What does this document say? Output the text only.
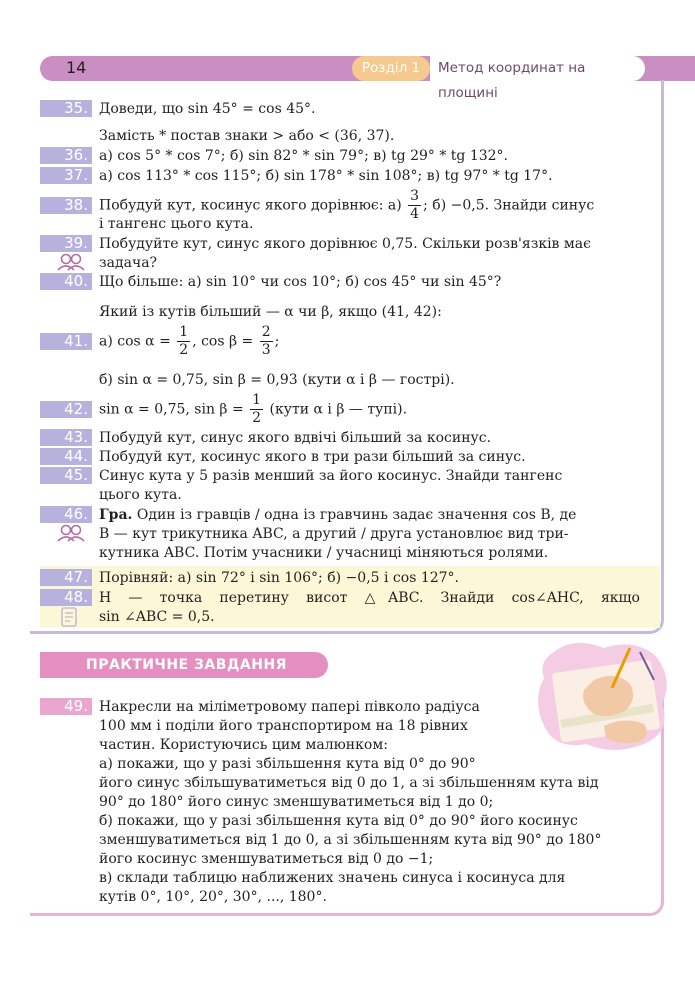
14	Розділ 1	Метод координат на площині
35. Доведи, що sin 45° = cos 45°.
Замість * постав знаки > або < (36, 37).
36. а) cos 5° * cos 7°; б) sin 82° * sin 79°; в) tg 29° * tg 132°.
37. а) cos 113° * cos 115°; б) sin 178° * sin 108°; в) tg 97° * tg 17°.
38. Побудуй кут, косинус якого дорівнює: $а) \frac{3}{4}$ ; б) −0,5. Знайди синус
і тангенс цього кута.
39. Побудуйте кут, синус якого дорівнює 0,75. Скільки розв'язків має
задача?
40. Що більше: а) sin 10° чи cos 10°; б) cos 45° чи sin 45°?
Який із кутів більший — α чи β, якщо (41, 42):
41. а) $\cos \alpha = \frac{1}{2}$ , $\cos \beta = \frac{2}{3}$ ;
б) sin α = 0,75, sin β = 0,93 (кути α і β — гострі).
42. sin α = 0,75, $\sin \beta = \frac{1}{2}$ (кути α і β — тупі).
43. Побудуй кут, синус якого вдвічі більший за косинус.
44. Побудуй кут, косинус якого в три рази більший за синус.
45. Синус кута у 5 разів менший за його косинус. Знайди тангенс
цього кута.
46. Гра. Один із гравців / одна із гравчинь задає значення cos B, де
B — кут трикутника ABC, а другий / друга установлює вид три-
кутника ABC. Потім учасники / учасниці міняються ролями.
47. Порівняй: а) sin 72° і sin 106°; б) −0,5 і cos 127°.
48. H — точка перетину висот △ABC. Знайди cos∠AHC, якщо
sin ∠ABC = 0,5.
ПРАКТИЧНЕ ЗАВДАННЯ
49. Накресли на міліметровому папері півколо радіуса
100 мм і поділи його транспортиром на 18 рівних
частин. Користуючись цим малюнком:
а) покажи, що у разі збільшення кута від 0° до 90°
його синус збільшуватиметься від 0 до 1, а зі збільшенням кута від
90° до 180° його синус зменшуватиметься від 1 до 0;
б) покажи, що у разі збільшення кута від 0° до 90° його косинус
зменшуватиметься від 1 до 0, а зі збільшенням кута від 90° до 180°
його косинус зменшуватиметься від 0 до −1;
в) склади таблицю наближених значень синуса і косинуса для
кутів 0°, 10°, 20°, 30°, ..., 180°.
